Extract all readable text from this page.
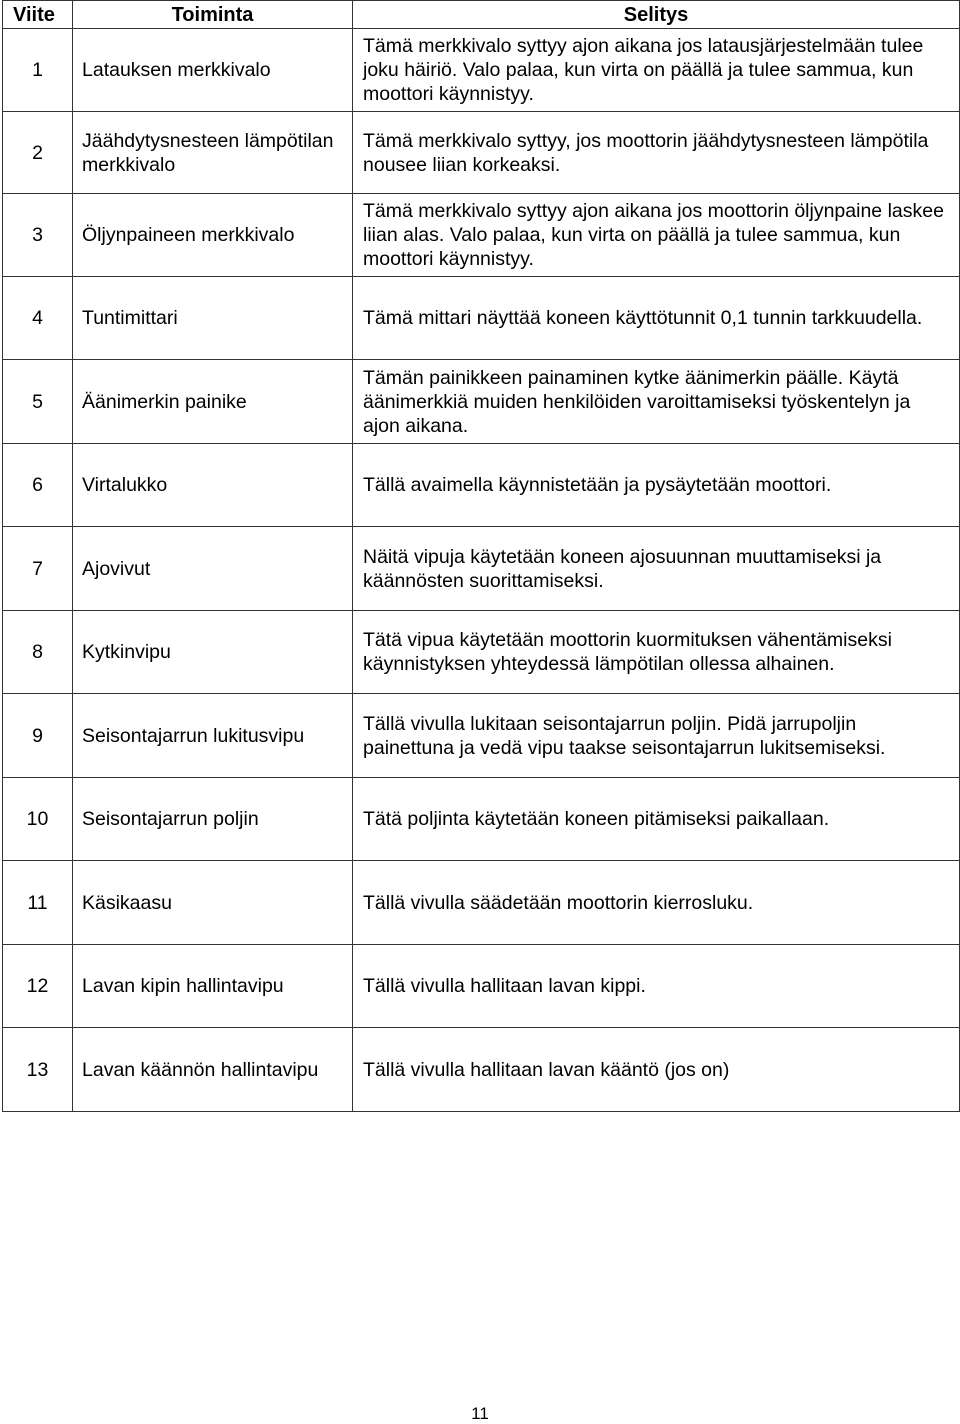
Viite	Toiminta	Selitys
1	Latauksen merkkivalo	Tämä merkkivalo syttyy ajon aikana jos latausjärjestelmään tulee joku häiriö. Valo palaa, kun virta on päällä ja tulee sammua, kun moottori käynnistyy.
2	Jäähdytysnesteen lämpötilan merkkivalo	Tämä merkkivalo syttyy, jos moottorin jäähdytysnesteen lämpötila nousee liian korkeaksi.
3	Öljynpaineen merkkivalo	Tämä merkkivalo syttyy ajon aikana jos moottorin öljynpaine laskee liian alas. Valo palaa, kun virta on päällä ja tulee sammua, kun moottori käynnistyy.
4	Tuntimittari	Tämä mittari näyttää koneen käyttötunnit 0,1 tunnin tarkkuudella.
5	Äänimerkin painike	Tämän painikkeen painaminen kytke äänimerkin päälle. Käytä äänimerkkiä muiden henkilöiden varoittamiseksi työskentelyn ja ajon aikana.
6	Virtalukko	Tällä avaimella käynnistetään ja pysäytetään moottori.
7	Ajovivut	Näitä vipuja käytetään koneen ajosuunnan muuttamiseksi ja käännösten suorittamiseksi.
8	Kytkinvipu	Tätä vipua käytetään moottorin kuormituksen vähentämiseksi käynnistyksen yhteydessä lämpötilan ollessa alhainen.
9	Seisontajarrun lukitusvipu	Tällä vivulla lukitaan seisontajarrun poljin. Pidä jarrupoljin painettuna ja vedä vipu taakse seisontajarrun lukitsemiseksi.
10	Seisontajarrun poljin	Tätä poljinta käytetään koneen pitämiseksi paikallaan.
11	Käsikaasu	Tällä vivulla säädetään moottorin kierrosluku.
12	Lavan kipin hallintavipu	Tällä vivulla hallitaan lavan kippi.
13	Lavan käännön hallintavipu	Tällä vivulla hallitaan lavan kääntö (jos on)
11
